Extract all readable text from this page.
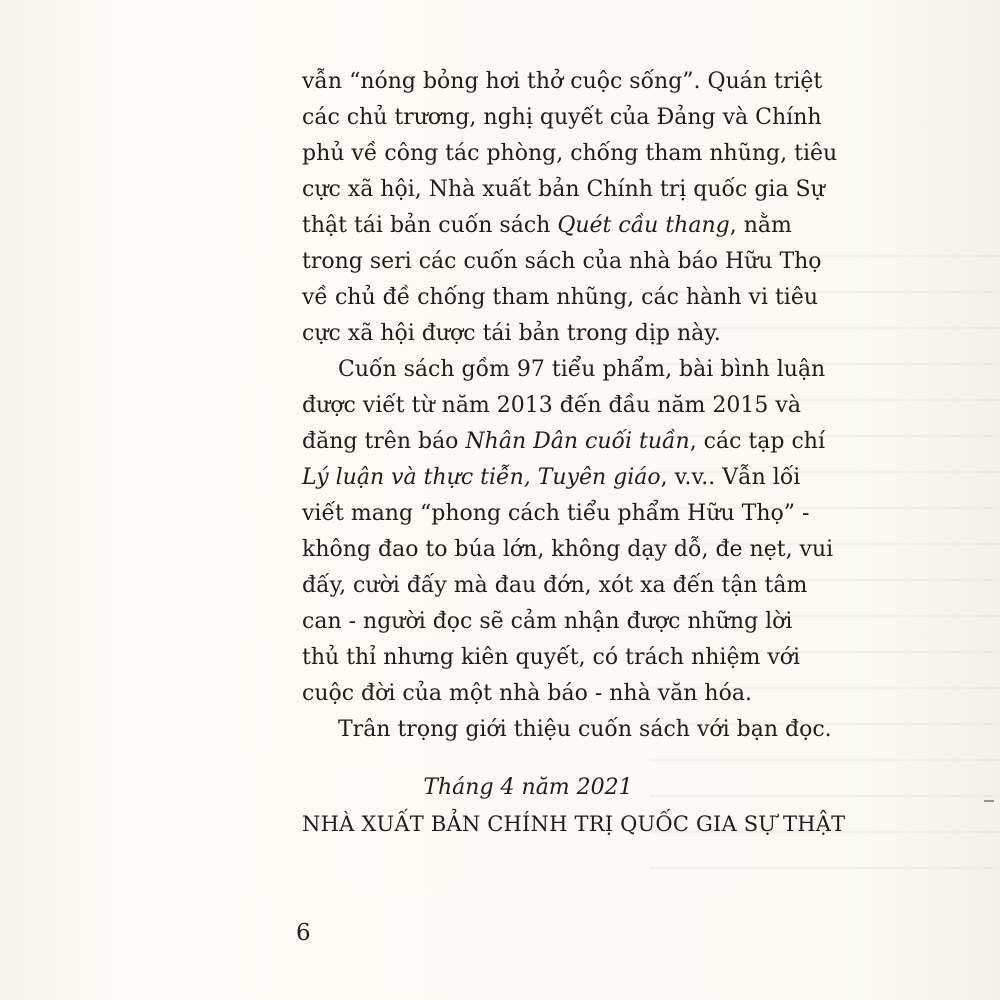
vẫn “nóng bỏng hơi thở cuộc sống”. Quán triệt
các chủ trương, nghị quyết của Đảng và Chính
phủ về công tác phòng, chống tham nhũng, tiêu
cực xã hội, Nhà xuất bản Chính trị quốc gia Sự
thật tái bản cuốn sách Quét cầu thang, nằm
trong seri các cuốn sách của nhà báo Hữu Thọ
về chủ đề chống tham nhũng, các hành vi tiêu
cực xã hội được tái bản trong dịp này.
Cuốn sách gồm 97 tiểu phẩm, bài bình luận
được viết từ năm 2013 đến đầu năm 2015 và
đăng trên báo Nhân Dân cuối tuần, các tạp chí
Lý luận và thực tiễn, Tuyên giáo, v.v.. Vẫn lối
viết mang “phong cách tiểu phẩm Hữu Thọ” -
không đao to búa lớn, không dạy dỗ, đe nẹt, vui
đấy, cười đấy mà đau đớn, xót xa đến tận tâm
can - người đọc sẽ cảm nhận được những lời
thủ thỉ nhưng kiên quyết, có trách nhiệm với
cuộc đời của một nhà báo - nhà văn hóa.
Trân trọng giới thiệu cuốn sách với bạn đọc.
Tháng 4 năm 2021
NHÀ XUẤT BẢN CHÍNH TRỊ QUỐC GIA SỰ THẬT
6
